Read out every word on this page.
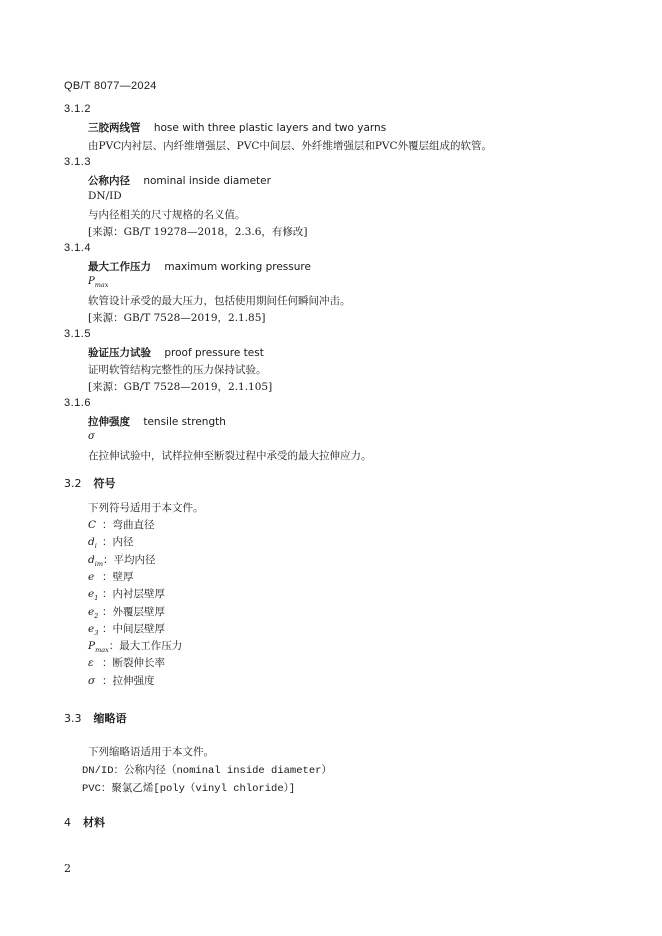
QB/T 8077—2024
3.1.2
三胶两线管 hose with three plastic layers and two yarns
由PVC内衬层、内纤维增强层、PVC中间层、外纤维增强层和PVC外覆层组成的软管。
3.1.3
公称内径 nominal inside diameter
DN/ID
与内径相关的尺寸规格的名义值。
[来源：GB/T 19278—2018，2.3.6，有修改]
3.1.4
最大工作压力 maximum working pressure
$P_{max}$
软管设计承受的最大压力，包括使用期间任何瞬间冲击。
[来源：GB/T 7528—2019，2.1.85]
3.1.5
验证压力试验 proof pressure test
证明软管结构完整性的压力保持试验。
[来源：GB/T 7528—2019，2.1.105]
3.1.6
拉伸强度 tensile strength
σ
在拉伸试验中，试样拉伸至断裂过程中承受的最大拉伸应力。
3.2 符号
下列符号适用于本文件。
C ：弯曲直径
$d_i$ ：内径
$d_{im}$：平均内径
e ：壁厚
$e_1$ ：内衬层壁厚
$e_2$ ：外覆层壁厚
$e_3$ ：中间层壁厚
$P_{max}$：最大工作压力
ε ：断裂伸长率
σ ：拉伸强度
3.3 缩略语
下列缩略语适用于本文件。
DN/ID：公称内径（nominal inside diameter）
PVC：聚氯乙烯[poly（vinyl chloride）]
4 材料
2
